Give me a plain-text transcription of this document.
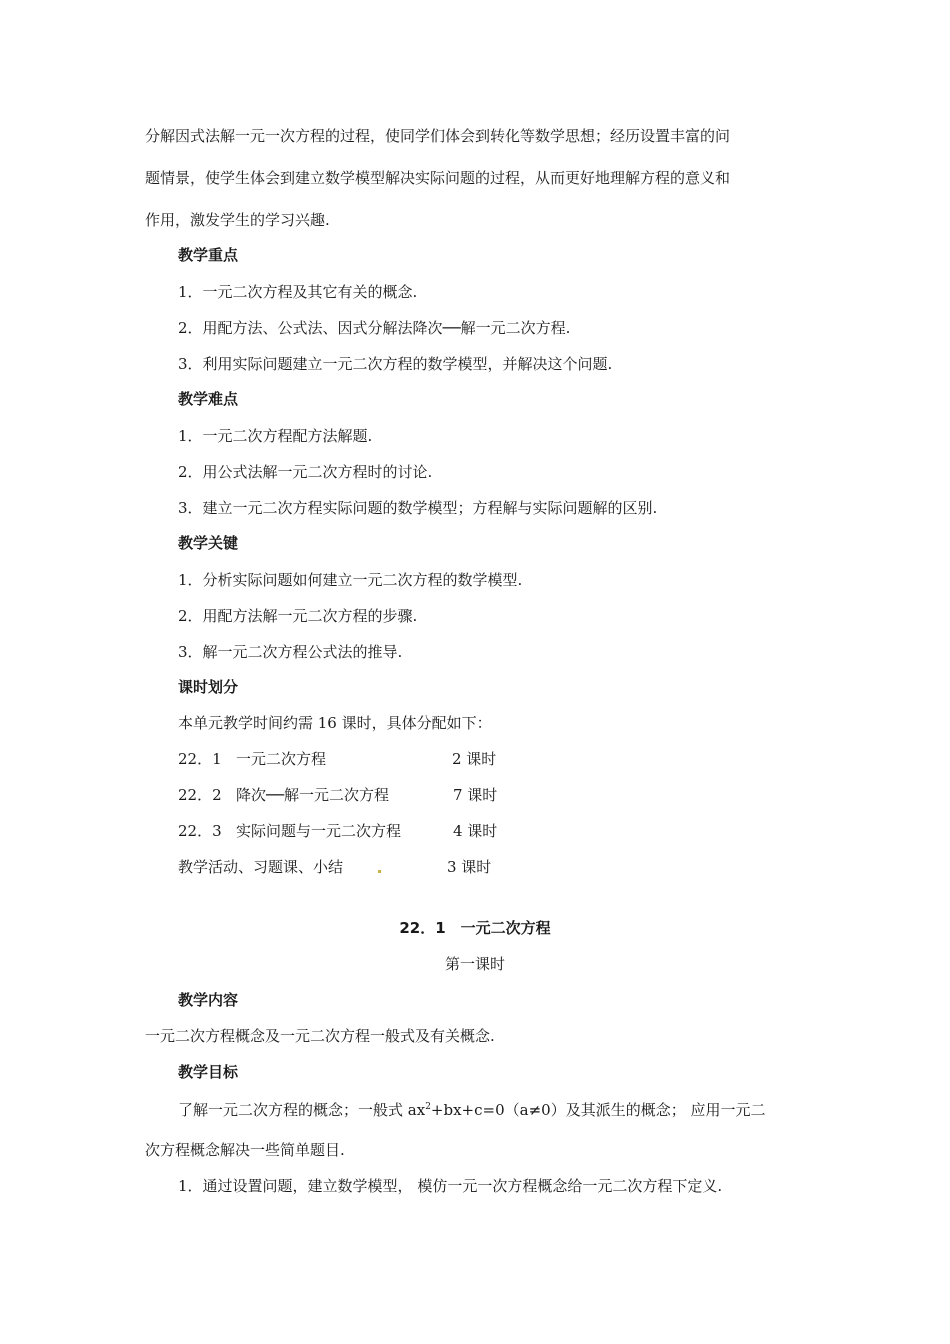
分解因式法解一元一次方程的过程，使同学们体会到转化等数学思想；经历设置丰富的问
题情景，使学生体会到建立数学模型解决实际问题的过程，从而更好地理解方程的意义和
作用，激发学生的学习兴趣.
教学重点
1．一元二次方程及其它有关的概念.
2．用配方法、公式法、因式分解法降次──解一元二次方程.
3．利用实际问题建立一元二次方程的数学模型，并解决这个问题.
教学难点
1．一元二次方程配方法解题.
2．用公式法解一元二次方程时的讨论.
3．建立一元二次方程实际问题的数学模型；方程解与实际问题解的区别.
教学关键
1．分析实际问题如何建立一元二次方程的数学模型.
2．用配方法解一元二次方程的步骤.
3．解一元二次方程公式法的推导.
课时划分
本单元教学时间约需 16 课时，具体分配如下：
22．1 一元二次方程	2 课时
22．2 降次──解一元二次方程	7 课时
22．3 实际问题与一元二次方程	4 课时
教学活动、习题课、小结	3 课时
22．1　一元二次方程
第一课时
教学内容
一元二次方程概念及一元二次方程一般式及有关概念.
教学目标
了解一元二次方程的概念；一般式 $ax^2+bx+c=0(a\ne 0)$及其派生的概念； 应用一元二
次方程概念解决一些简单题目.
1．通过设置问题，建立数学模型， 模仿一元一次方程概念给一元二次方程下定义.
